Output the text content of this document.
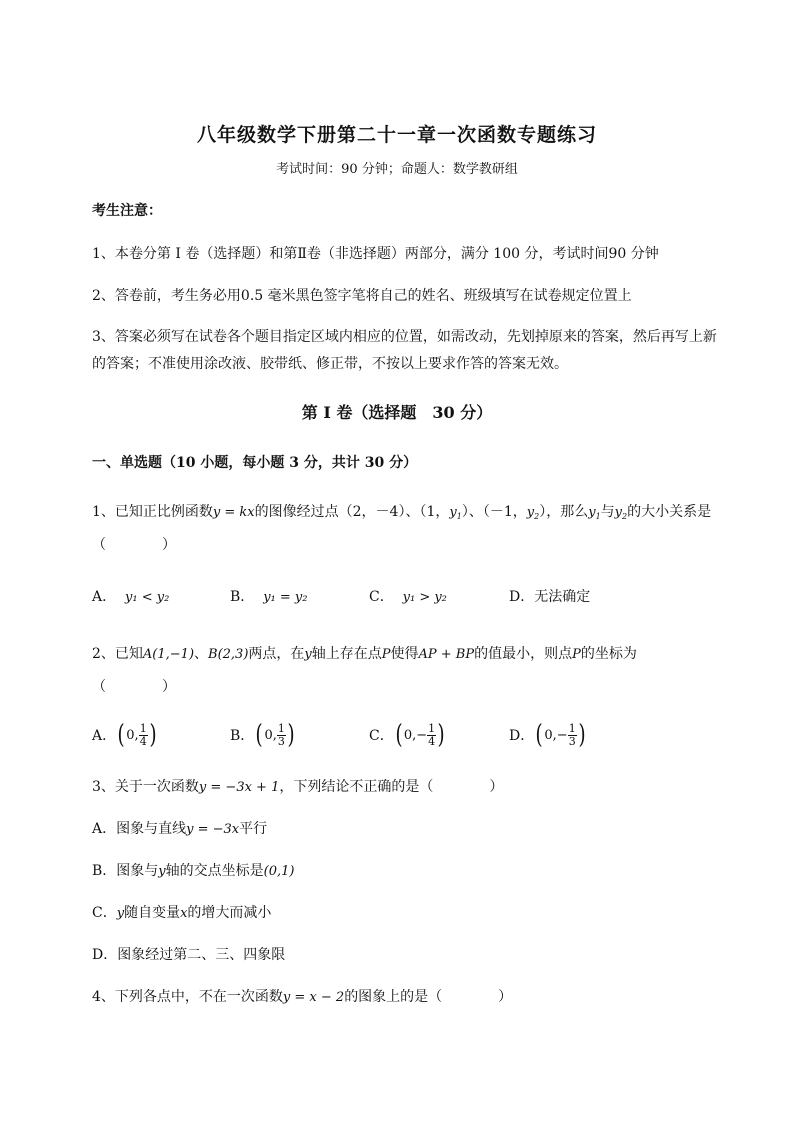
八年级数学下册第二十一章一次函数专题练习
考试时间：90 分钟；命题人：数学教研组
考生注意：
1、本卷分第 I 卷（选择题）和第Ⅱ卷（非选择题）两部分，满分 100 分，考试时间90 分钟
2、答卷前，考生务必用0.5 毫米黑色签字笔将自己的姓名、班级填写在试卷规定位置上
3、答案必须写在试卷各个题目指定区域内相应的位置，如需改动，先划掉原来的答案，然后再写上新
的答案；不准使用涂改液、胶带纸、修正带，不按以上要求作答的答案无效。
第 I 卷（选择题　30 分）
一、单选题（10 小题，每小题 3 分，共计 30 分）
1、已知正比例函数y = kx的图像经过点（2，－4）、（1，$y_1$）、（－1，$y_2$），那么$y_1$与$y_2$的大小关系是
（　　　　）
A． y₁ < y₂	B． y₁ = y₂	C． y₁ > y₂	D．无法确定
2、已知A(1,−1)、B(2,3)两点，在y轴上存在点P使得AP + BP的值最小，则点P的坐标为
（　　　　）
A． ( 0, $\frac{1}{4}$ )	B． ( 0, $\frac{1}{3}$ )	C． ( $0,- \frac{1}{4}$ )	D． ( $0,- \frac{1}{3}$ )
3、关于一次函数y = −3x + 1，下列结论不正确的是（　　　　）
A．图象与直线y = −3x平行
B．图象与y轴的交点坐标是(0,1)
C．y随自变量x的增大而减小
D．图象经过第二、三、四象限
4、下列各点中，不在一次函数y = x − 2的图象上的是（　　　　）
